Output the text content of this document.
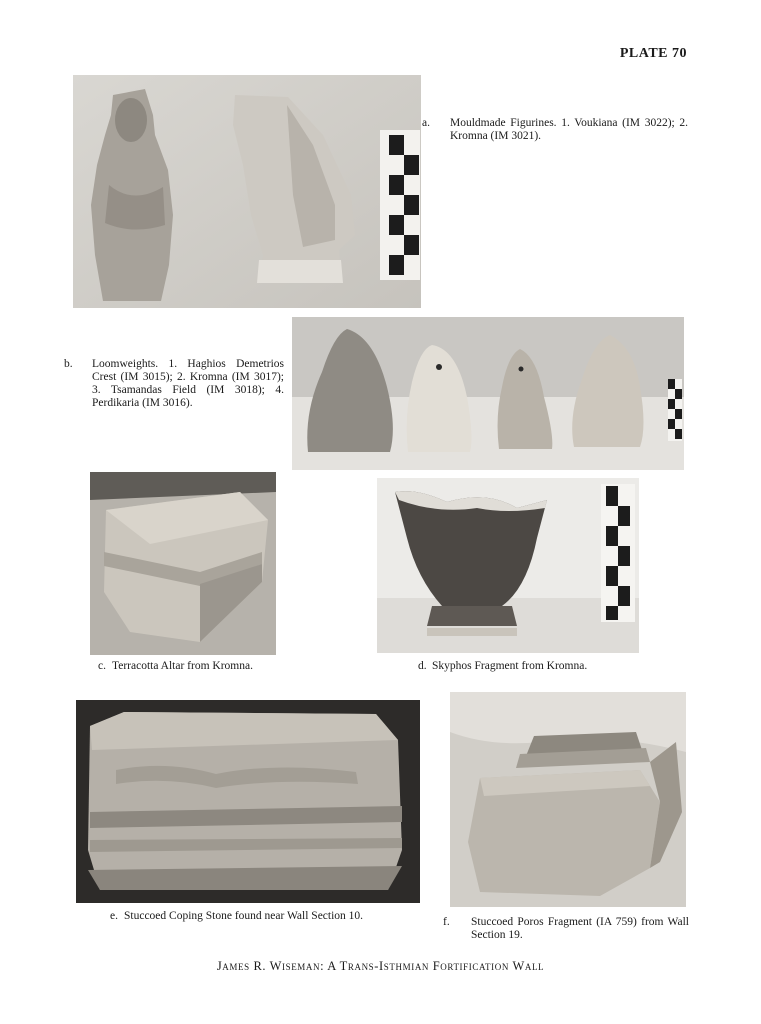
PLATE 70
a. Mouldmade Figurines. 1. Voukiana (IM 3022); 2. Kromna (IM 3021).
b. Loomweights. 1. Haghios Demetrios Crest (IM 3015); 2. Kromna (IM 3017); 3. Tsamandas Field (IM 3018); 4. Perdikaria (IM 3016).
c. Terracotta Altar from Kromna.	d. Skyphos Fragment from Kromna.
e. Stuccoed Coping Stone found near Wall Section 10.	f. Stuccoed Poros Fragment (IA 759) from Wall Section 19.
James R. Wiseman: A Trans-Isthmian Fortification Wall
